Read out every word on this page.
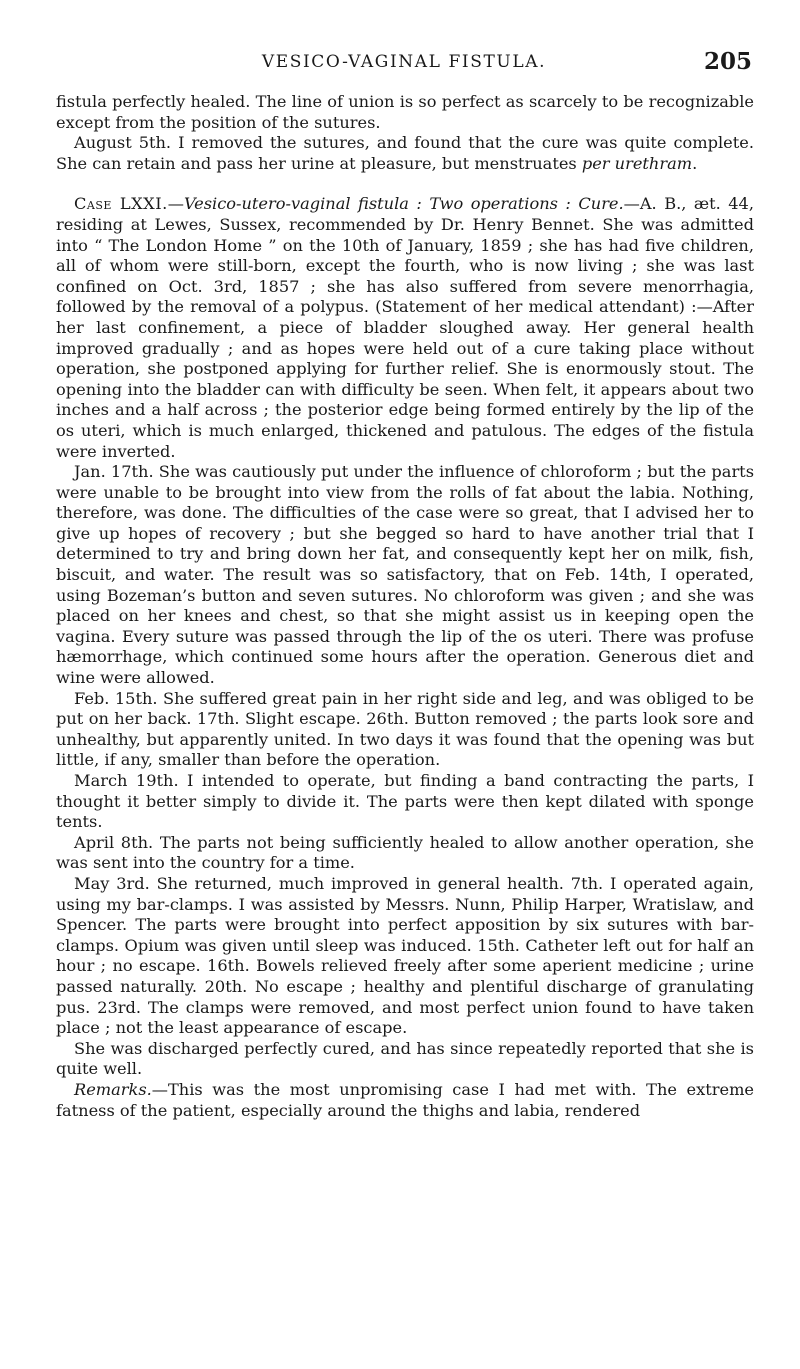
VESICO-VAGINAL FISTULA.	205

fistula perfectly healed. The line of union is so perfect as scarcely to be recognizable except from the position of the sutures.

August 5th. I removed the sutures, and found that the cure was quite complete. She can retain and pass her urine at pleasure, but menstruates per urethram.

Case LXXI.—Vesico-utero-vaginal fistula : Two operations : Cure.—A. B., æt. 44, residing at Lewes, Sussex, recommended by Dr. Henry Bennet. She was admitted into “ The London Home ” on the 10th of January, 1859 ; she has had five children, all of whom were still-born, except the fourth, who is now living ; she was last confined on Oct. 3rd, 1857 ; she has also suffered from severe menorrhagia, followed by the removal of a polypus. (Statement of her medical attendant) :—After her last confinement, a piece of bladder sloughed away. Her general health improved gradually ; and as hopes were held out of a cure taking place without operation, she postponed applying for further relief. She is enormously stout. The opening into the bladder can with difficulty be seen. When felt, it appears about two inches and a half across ; the posterior edge being formed entirely by the lip of the os uteri, which is much enlarged, thickened and patulous. The edges of the fistula were inverted.

Jan. 17th. She was cautiously put under the influence of chloroform ; but the parts were unable to be brought into view from the rolls of fat about the labia. Nothing, therefore, was done. The difficulties of the case were so great, that I advised her to give up hopes of recovery ; but she begged so hard to have another trial that I determined to try and bring down her fat, and consequently kept her on milk, fish, biscuit, and water. The result was so satisfactory, that on Feb. 14th, I operated, using Bozeman’s button and seven sutures. No chloroform was given ; and she was placed on her knees and chest, so that she might assist us in keeping open the vagina. Every suture was passed through the lip of the os uteri. There was profuse hæmorrhage, which continued some hours after the operation. Generous diet and wine were allowed.

Feb. 15th. She suffered great pain in her right side and leg, and was obliged to be put on her back. 17th. Slight escape. 26th. Button removed ; the parts look sore and unhealthy, but apparently united. In two days it was found that the opening was but little, if any, smaller than before the operation.

March 19th. I intended to operate, but finding a band contracting the parts, I thought it better simply to divide it. The parts were then kept dilated with sponge tents.

April 8th. The parts not being sufficiently healed to allow another operation, she was sent into the country for a time.

May 3rd. She returned, much improved in general health. 7th. I operated again, using my bar-clamps. I was assisted by Messrs. Nunn, Philip Harper, Wratislaw, and Spencer. The parts were brought into perfect apposition by six sutures with bar-clamps. Opium was given until sleep was induced. 15th. Catheter left out for half an hour ; no escape. 16th. Bowels relieved freely after some aperient medicine ; urine passed naturally. 20th. No escape ; healthy and plentiful discharge of granulating pus. 23rd. The clamps were removed, and most perfect union found to have taken place ; not the least appearance of escape.

She was discharged perfectly cured, and has since repeatedly reported that she is quite well.

Remarks.—This was the most unpromising case I had met with. The extreme fatness of the patient, especially around the thighs and labia, rendered
